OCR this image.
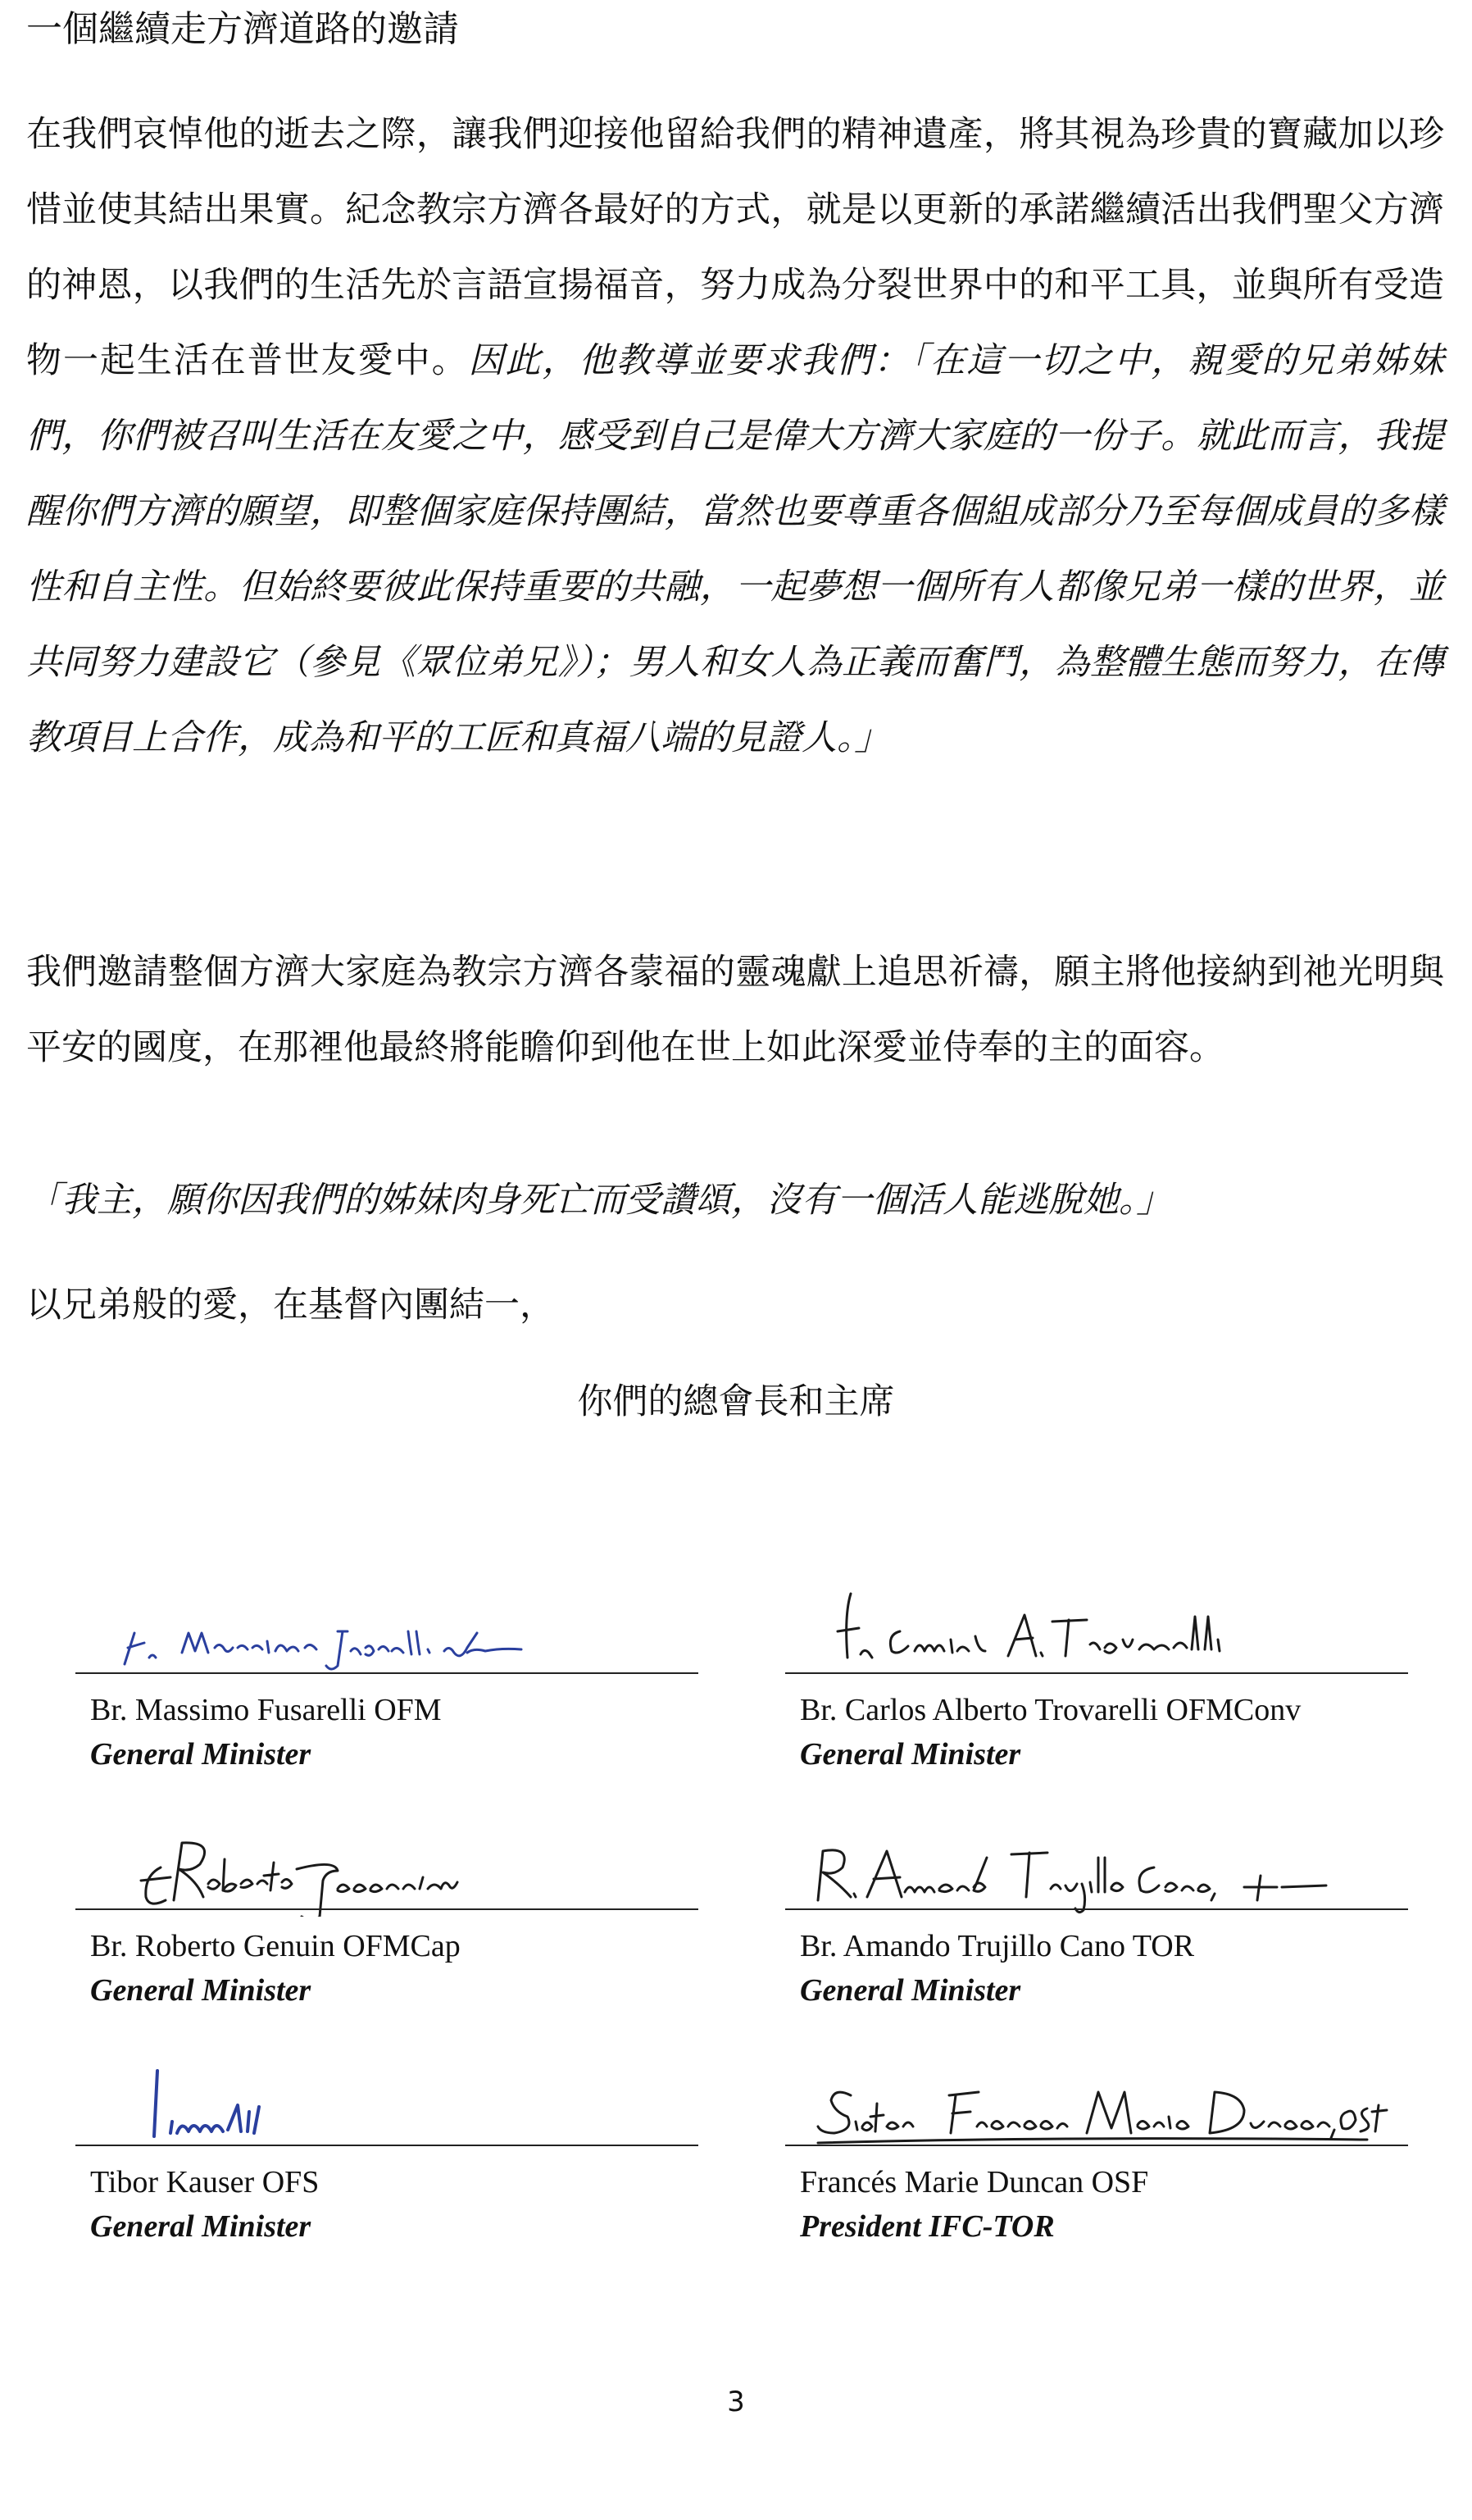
一個繼續走方濟道路的邀請
在我們哀悼他的逝去之際，讓我們迎接他留給我們的精神遺產，將其視為珍貴的寶藏加以珍惜並使其結出果實。紀念教宗方濟各最好的方式，就是以更新的承諾繼續活出我們聖父方濟的神恩，以我們的生活先於言語宣揚福音，努力成為分裂世界中的和平工具，並與所有受造物一起生活在普世友愛中。因此，他教導並要求我們：「在這一切之中，親愛的兄弟姊妹們，你們被召叫生活在友愛之中，感受到自己是偉大方濟大家庭的一份子。就此而言，我提醒你們方濟的願望，即整個家庭保持團結，當然也要尊重各個組成部分乃至每個成員的多樣性和自主性。但始終要彼此保持重要的共融，一起夢想一個所有人都像兄弟一樣的世界，並共同努力建設它（參見《眾位弟兄》）；男人和女人為正義而奮鬥，為整體生態而努力，在傳教項目上合作，成為和平的工匠和真福八端的見證人。」
我們邀請整個方濟大家庭為教宗方濟各蒙福的靈魂獻上追思祈禱，願主將他接納到祂光明與平安的國度，在那裡他最終將能瞻仰到他在世上如此深愛並侍奉的主的面容。
「我主，願你因我們的姊妹肉身死亡而受讚頌，沒有一個活人能逃脫她。」
以兄弟般的愛，在基督內團結一，
你們的總會長和主席
Br. Massimo Fusarelli OFM
General Minister
Br. Carlos Alberto Trovarelli OFMConv
General Minister
Br. Roberto Genuin OFMCap
General Minister
Br. Amando Trujillo Cano TOR
General Minister
Tibor Kauser OFS
General Minister
Francés Marie Duncan OSF
President IFC-TOR
3
